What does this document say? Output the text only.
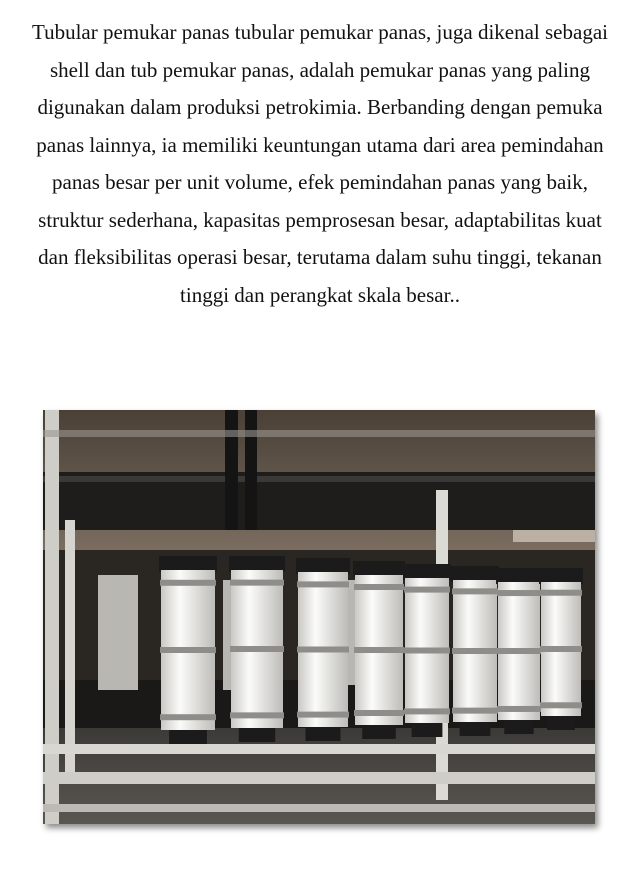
Tubular pemukar panas tubular pemukar panas, juga dikenal sebagai shell dan tub pemukar panas, adalah pemukar panas yang paling digunakan dalam produksi petrokimia. Berbanding dengan pemuka panas lainnya, ia memiliki keuntungan utama dari area pemindahan panas besar per unit volume, efek pemindahan panas yang baik, struktur sederhana, kapasitas pemprosesan besar, adaptabilitas kuat dan fleksibilitas operasi besar, terutama dalam suhu tinggi, tekanan tinggi dan perangkat skala besar..
